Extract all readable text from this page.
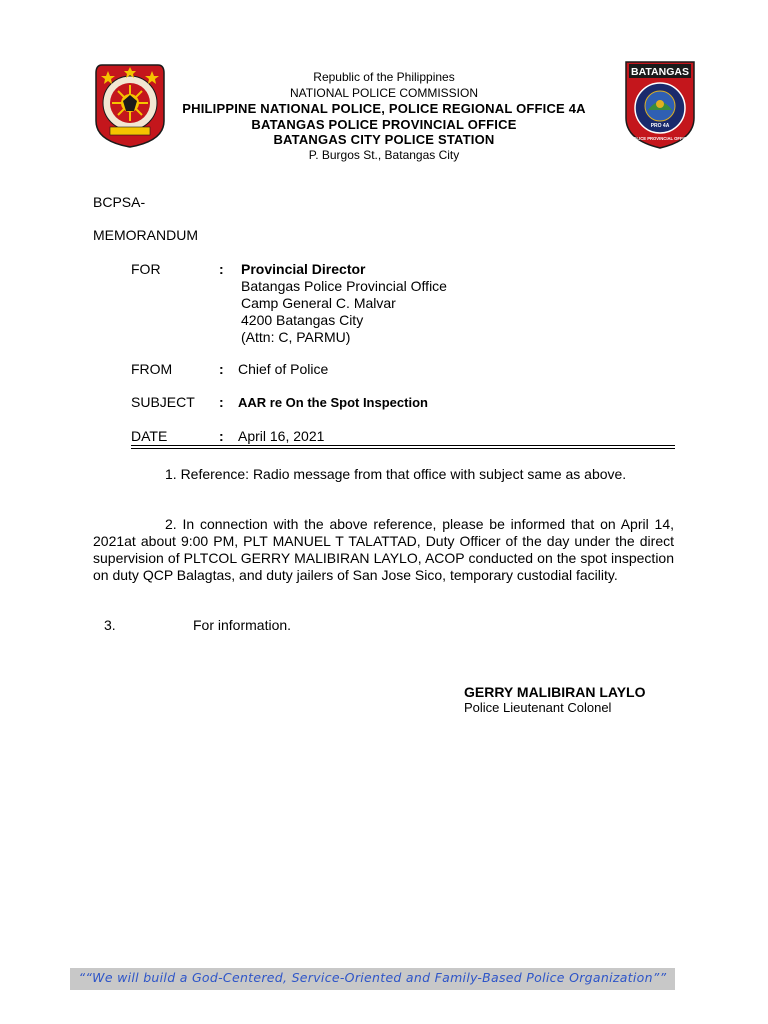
Republic of the Philippines
NATIONAL POLICE COMMISSION
PHILIPPINE NATIONAL POLICE, POLICE REGIONAL OFFICE 4A
BATANGAS POLICE PROVINCIAL OFFICE
BATANGAS CITY POLICE STATION
P. Burgos St., Batangas City
BATANGAS
PRO 4A
POLICE PROVINCIAL OFFICE
BCPSA-
MEMORANDUM
FOR	: Provincial Director
Batangas Police Provincial Office
Camp General C. Malvar
4200 Batangas City
(Attn: C, PARMU)
FROM	: Chief of Police
SUBJECT : AAR re On the Spot Inspection
DATE	: April 16, 2021
1. Reference: Radio message from that office with subject same as above.
2. In connection with the above reference, please be informed that on April 14, 2021at about 9:00 PM, PLT MANUEL T TALATTAD, Duty Officer of the day under the direct supervision of PLTCOL GERRY MALIBIRAN LAYLO, ACOP conducted on the spot inspection on duty QCP Balagtas, and duty jailers of San Jose Sico, temporary custodial facility.
3.	For information.
GERRY MALIBIRAN LAYLO
Police Lieutenant Colonel
““We will build a God-Centered, Service-Oriented and Family-Based Police Organization””
